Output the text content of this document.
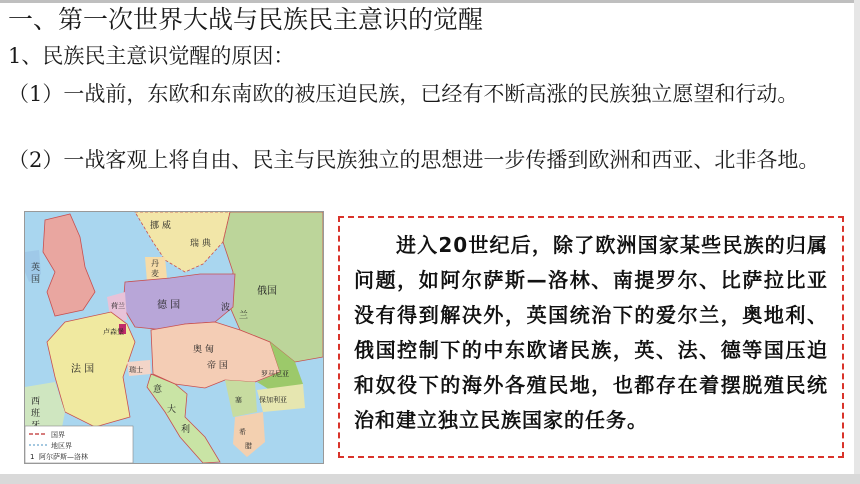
一、第一次世界大战与民族民主意识的觉醒
1、民族民主意识觉醒的原因：
（1）一战前，东欧和东南欧的被压迫民族，已经有不断高涨的民族独立愿望和行动。
（2）一战客观上将自由、民主与民族独立的思想进一步传播到欧洲和西亚、北非各地。
挪 威
瑞 典
英
国
丹
麦
俄国
荷兰
卢森堡
德 国	波
兰
法 国	瑞士
奥 匈
帝 国
罗马尼亚
保加利亚
塞
意
大
利
西
班
希
腊
国界
地区界
1 阿尔萨斯—洛林
进入20世纪后，除了欧洲国家某些民族的归属问题，如阿尔萨斯—洛林、南提罗尔、比萨拉比亚没有得到解决外，英国统治下的爱尔兰，奥地利、俄国控制下的中东欧诸民族，英、法、德等国压迫和奴役下的海外各殖民地，也都存在着摆脱殖民统治和建立独立民族国家的任务。
